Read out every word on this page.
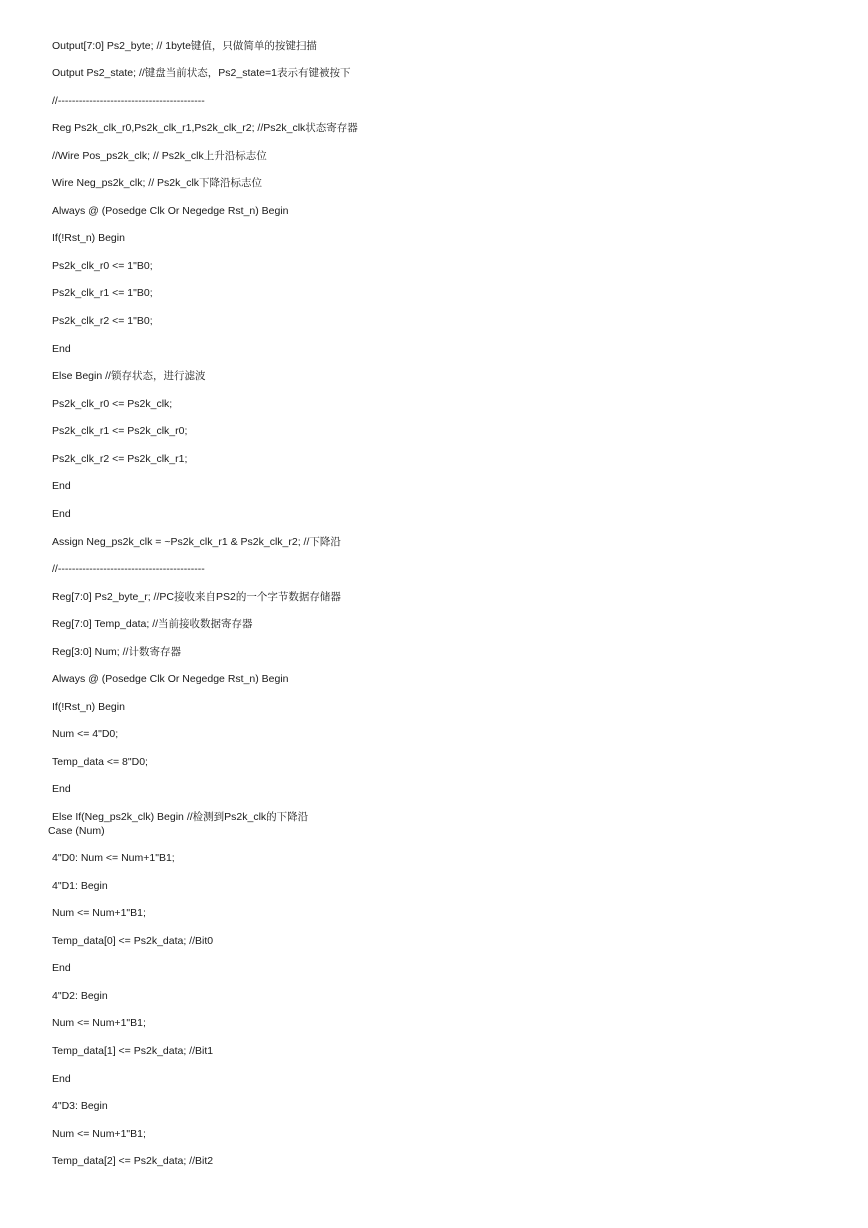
Output[7:0] Ps2_byte; // 1byte键值，只做简单的按键扫描
Output Ps2_state; //键盘当前状态，Ps2_state=1表示有键被按下
//------------------------------------------
Reg Ps2k_clk_r0,Ps2k_clk_r1,Ps2k_clk_r2; //Ps2k_clk状态寄存器
//Wire Pos_ps2k_clk; // Ps2k_clk上升沿标志位
Wire Neg_ps2k_clk; // Ps2k_clk下降沿标志位
Always @ (Posedge Clk Or Negedge Rst_n) Begin
If(!Rst_n) Begin
Ps2k_clk_r0 <= 1"B0;
Ps2k_clk_r1 <= 1"B0;
Ps2k_clk_r2 <= 1"B0;
End
Else Begin //锁存状态，进行滤波
Ps2k_clk_r0 <= Ps2k_clk;
Ps2k_clk_r1 <= Ps2k_clk_r0;
Ps2k_clk_r2 <= Ps2k_clk_r1;
End
End
Assign Neg_ps2k_clk = ~Ps2k_clk_r1 & Ps2k_clk_r2; //下降沿
//------------------------------------------
Reg[7:0] Ps2_byte_r; //PC接收来自PS2的一个字节数据存储器
Reg[7:0] Temp_data; //当前接收数据寄存器
Reg[3:0] Num; //计数寄存器
Always @ (Posedge Clk Or Negedge Rst_n) Begin
If(!Rst_n) Begin
Num <= 4"D0;
Temp_data <= 8"D0;
End
Else If(Neg_ps2k_clk) Begin //检测到Ps2k_clk的下降沿
Case (Num)
4"D0: Num <= Num+1"B1;
4"D1: Begin
Num <= Num+1"B1;
Temp_data[0] <= Ps2k_data; //Bit0
End
4"D2: Begin
Num <= Num+1"B1;
Temp_data[1] <= Ps2k_data; //Bit1
End
4"D3: Begin
Num <= Num+1"B1;
Temp_data[2] <= Ps2k_data; //Bit2
